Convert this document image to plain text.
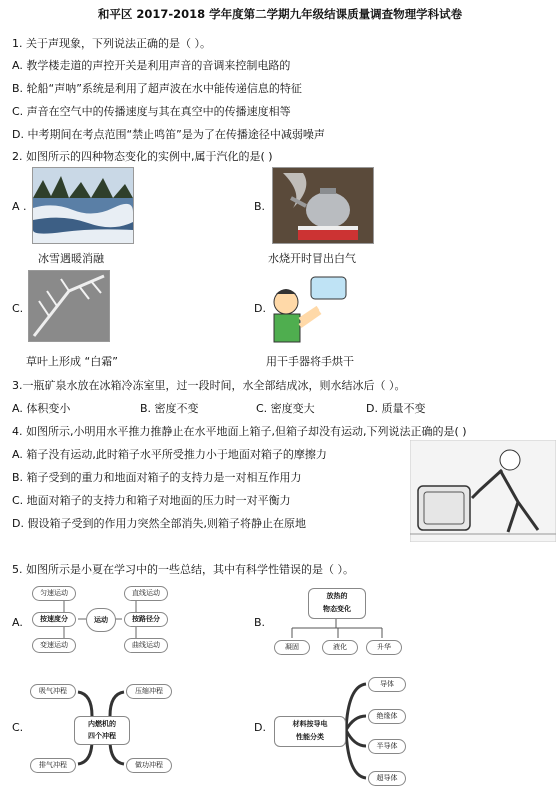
和平区 2017-2018 学年度第二学期九年级结课质量调查物理学科试卷
1. 关于声现象，下列说法正确的是（ ）。
A. 教学楼走道的声控开关是利用声音的音调来控制电路的
B. 轮船“声呐”系统是利用了超声波在水中能传递信息的特征
C. 声音在空气中的传播速度与其在真空中的传播速度相等
D. 中考期间在考点范围“禁止鸣笛”是为了在传播途径中减弱噪声
2. 如图所示的四种物态变化的实例中,属于汽化的是( )
A .
冰雪遇暖消融
B.
水烧开时冒出白气
C.
草叶上形成 “白霜”
D.
用干手器将手烘干
3.一瓶矿泉水放在冰箱冷冻室里，过一段时间，水全部结成冰，则水结冰后（ ）。
A. 体积变小	B. 密度不变	C. 密度变大	D. 质量不变
4. 如图所示,小明用水平推力推静止在水平地面上箱子,但箱子却没有运动,下列说法正确的是( )
A. 箱子没有运动,此时箱子水平所受推力小于地面对箱子的摩擦力
B. 箱子受到的重力和地面对箱子的支持力是一对相互作用力
C. 地面对箱子的支持力和箱子对地面的压力时一对平衡力
D. 假设箱子受到的作用力突然全部消失,则箱子将静止在原地
5. 如图所示是小夏在学习中的一些总结，其中有科学性错误的是（ ）。
A.
匀速运动
按速度分
变速运动
运动
直线运动
按路径分
曲线运动
B.
放热的
物态变化
凝固	液化	升华
C.
吸气冲程	压缩冲程
内燃机的
四个冲程
排气冲程	做功冲程
D.	材料按导电
性能分类
导体
绝缘体
半导体
超导体
